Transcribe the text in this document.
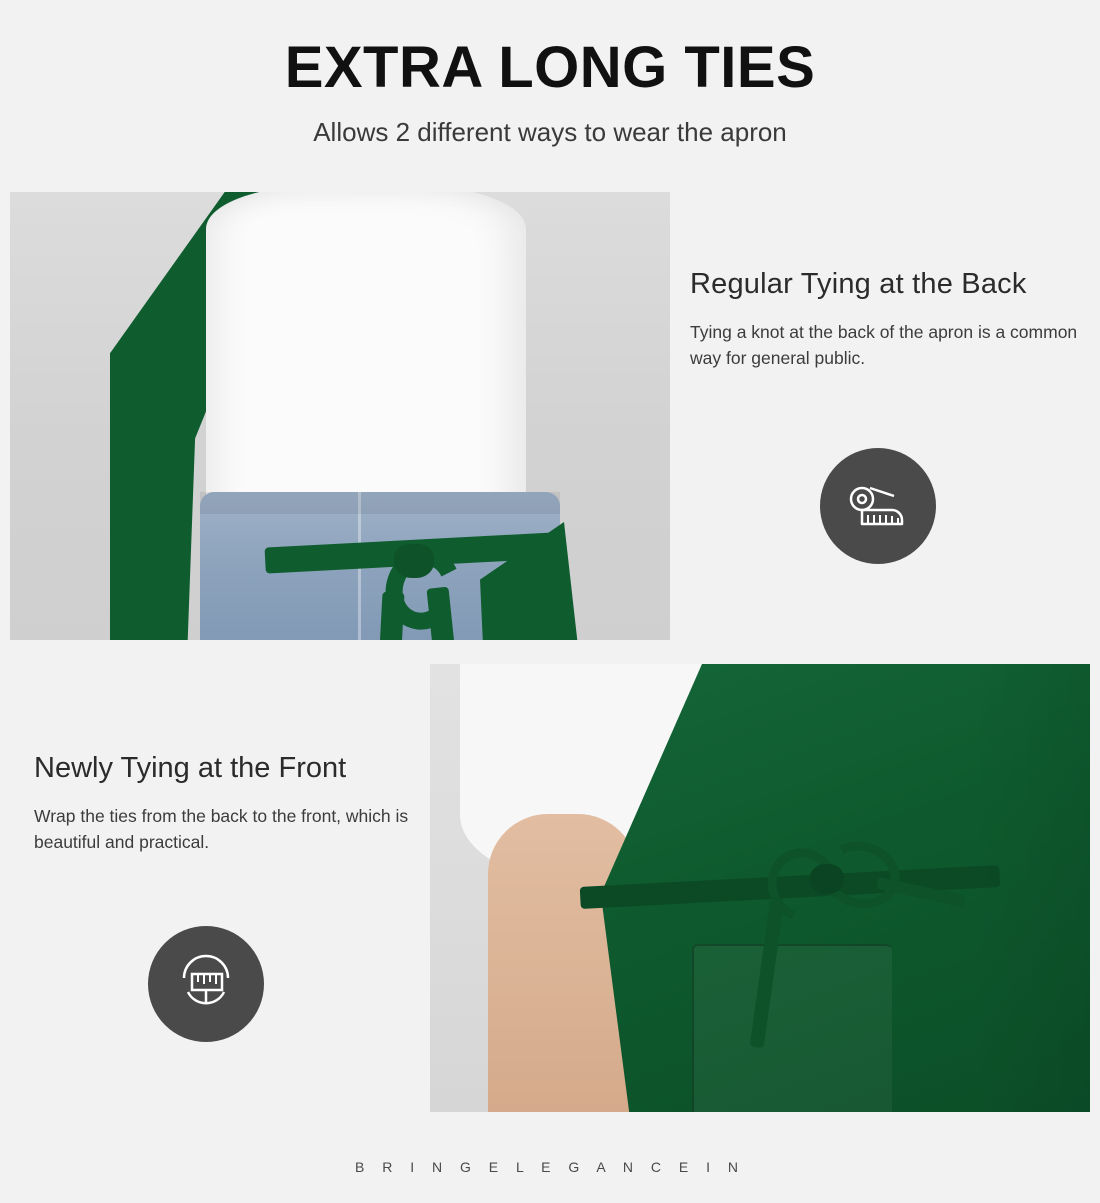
EXTRA LONG TIES
Allows 2 different ways to wear the apron
Regular Tying at the Back

Tying a knot at the back of the apron is a common way for general public.

Newly Tying at the Front

Wrap the ties from the back to the front, which is beautiful and practical.

B R I N G E L E G A N C E I N
